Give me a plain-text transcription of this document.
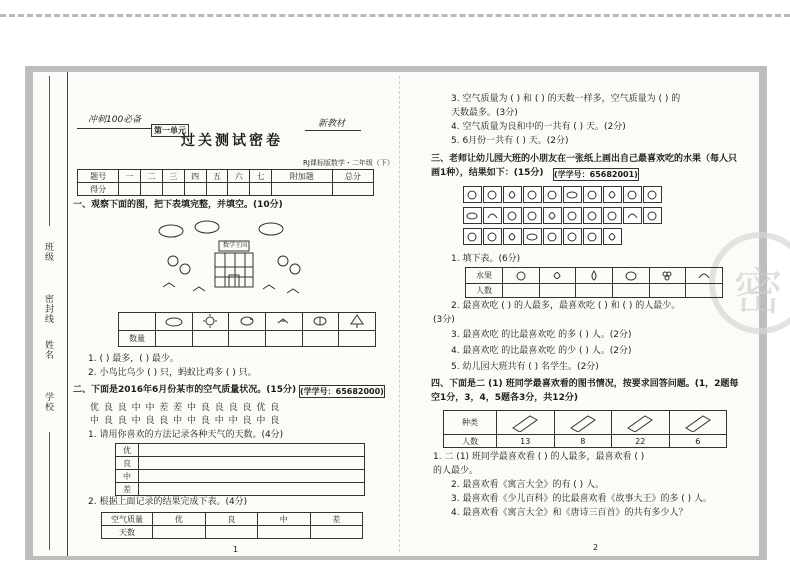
班级
密封线
姓名
学校
冲刺100必备
第一单元
新教材
过关测试密卷
RJ课标版数学・二年级（下）
题号	一	二	三	四	五	六	七	附加题	总分
得分									
一、观察下面的图，把下表填完整，并填空。(10分)
数学王国

数量						
1. ( ) 最多，( ) 最少。
2. 小鸟比乌少 ( ) 只，蚂蚁比鸡多 ( ) 只。
二、下面是2016年6月份某市的空气质量状况。(15分) (学学号：65682000)
优 良 良 中 中 差 差 中 良 良 良 良 优 良
中 良 良 中 良 良 中 中 良 中 中 良 中 良
1. 请用你喜欢的方法记录各种天气的天数。(4分)
优	
良	
中	
差	
2. 根据上面记录的结果完成下表。(4分)
空气质量	优	良	中	差
天数				
1
3. 空气质量为 ( ) 和 ( ) 的天数一样多，空气质量为 ( ) 的
天数最多。(3分)
4. 空气质量为良和中的一共有 ( ) 天。(2分)
5. 6月份一共有 ( ) 天。(2分)
三、老师让幼儿园大班的小朋友在一张纸上画出自己最喜欢吃的水果（每人只
画1种），结果如下：(15分) (学学号：65682001)
密
1. 填下表。(6分)
水果						
人数						
2. 最喜欢吃 ( ) 的人最多，最喜欢吃 ( ) 和 ( ) 的人最少。
(3分)
3. 最喜欢吃 的比最喜欢吃 的多 ( ) 人。(2分)
4. 最喜欢吃 的比最喜欢吃 的少 ( ) 人。(2分)
5. 幼儿园大班共有 ( ) 名学生。(2分)
四、下面是二 (1) 班同学最喜欢看的图书情况，按要求回答问题。(1，2题每
空1分，3，4，5题各3分，共12分)
种类				
人数	13	8	22	6
1. 二 (1) 班同学最喜欢看 ( ) 的人最多，最喜欢看 ( )
的人最少。
2. 最喜欢看《寓言大全》的有 ( ) 人。
3. 最喜欢看《少儿百科》的比最喜欢看《故事大王》的多 ( ) 人。
4. 最喜欢看《寓言大全》和《唐诗三百首》的共有多少人？
2
